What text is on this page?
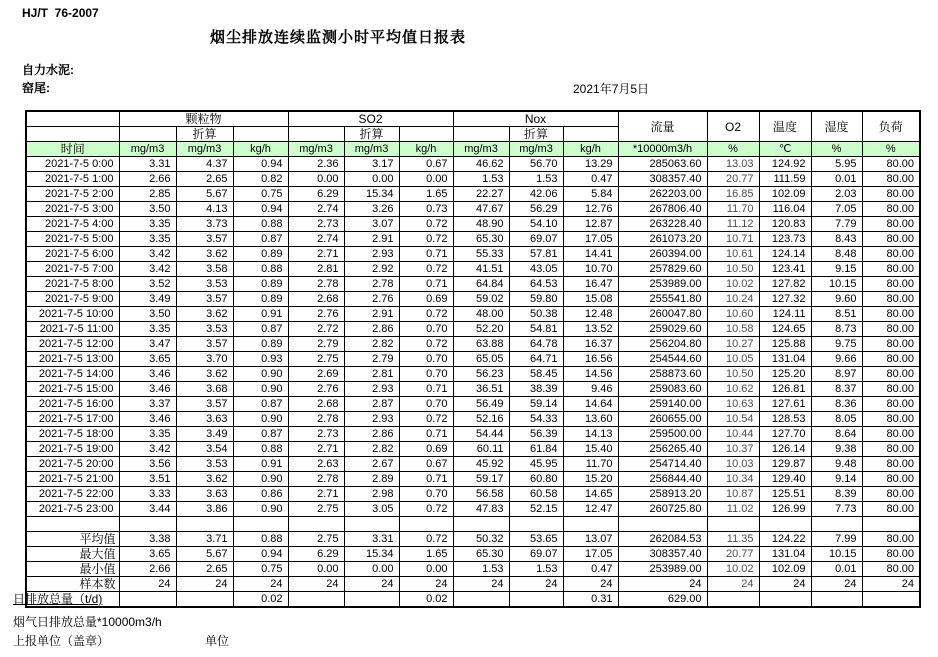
HJ/T  76-2007
烟尘排放连续监测小时平均值日报表
自力水泥:
窑尾:	2021年7月5日
	颗粒物			SO2			Nox			流量	O2	温度	湿度	负荷
		折算			折算			折算						
时间	mg/m3	mg/m3	kg/h	mg/m3	mg/m3	kg/h	mg/m3	mg/m3	kg/h	*10000m3/h	%	℃	%	%
2021-7-5 0:00	3.31	4.37	0.94	2.36	3.17	0.67	46.62	56.70	13.29	285063.60	13.03	124.92	5.95	80.00
2021-7-5 1:00	2.66	2.65	0.82	0.00	0.00	0.00	1.53	1.53	0.47	308357.40	20.77	111.59	0.01	80.00
2021-7-5 2:00	2.85	5.67	0.75	6.29	15.34	1.65	22.27	42.06	5.84	262203.00	16.85	102.09	2.03	80.00
2021-7-5 3:00	3.50	4.13	0.94	2.74	3.26	0.73	47.67	56.29	12.76	267806.40	11.70	116.04	7.05	80.00
2021-7-5 4:00	3.35	3.73	0.88	2.73	3.07	0.72	48.90	54.10	12.87	263228.40	11.12	120.83	7.79	80.00
2021-7-5 5:00	3.35	3.57	0.87	2.74	2.91	0.72	65.30	69.07	17.05	261073.20	10.71	123.73	8.43	80.00
2021-7-5 6:00	3.42	3.62	0.89	2.71	2.93	0.71	55.33	57.81	14.41	260394.00	10.61	124.14	8.48	80.00
2021-7-5 7:00	3.42	3.58	0.88	2.81	2.92	0.72	41.51	43.05	10.70	257829.60	10.50	123.41	9.15	80.00
2021-7-5 8:00	3.52	3.53	0.89	2.78	2.78	0.71	64.84	64.53	16.47	253989.00	10.02	127.82	10.15	80.00
2021-7-5 9:00	3.49	3.57	0.89	2.68	2.76	0.69	59.02	59.80	15.08	255541.80	10.24	127.32	9.60	80.00
2021-7-5 10:00	3.50	3.62	0.91	2.76	2.91	0.72	48.00	50.38	12.48	260047.80	10.60	124.11	8.51	80.00
2021-7-5 11:00	3.35	3.53	0.87	2.72	2.86	0.70	52.20	54.81	13.52	259029.60	10.58	124.65	8.73	80.00
2021-7-5 12:00	3.47	3.57	0.89	2.79	2.82	0.72	63.88	64.78	16.37	256204.80	10.27	125.88	9.75	80.00
2021-7-5 13:00	3.65	3.70	0.93	2.75	2.79	0.70	65.05	64.71	16.56	254544.60	10.05	131.04	9.66	80.00
2021-7-5 14:00	3.46	3.62	0.90	2.69	2.81	0.70	56.23	58.45	14.56	258873.60	10.50	125.20	8.97	80.00
2021-7-5 15:00	3.46	3.68	0.90	2.76	2.93	0.71	36.51	38.39	9.46	259083.60	10.62	126.81	8.37	80.00
2021-7-5 16:00	3.37	3.57	0.87	2.68	2.87	0.70	56.49	59.14	14.64	259140.00	10.63	127.61	8.36	80.00
2021-7-5 17:00	3.46	3.63	0.90	2.78	2.93	0.72	52.16	54.33	13.60	260655.00	10.54	128.53	8.05	80.00
2021-7-5 18:00	3.35	3.49	0.87	2.73	2.86	0.71	54.44	56.39	14.13	259500.00	10.44	127.70	8.64	80.00
2021-7-5 19:00	3.42	3.54	0.88	2.71	2.82	0.69	60.11	61.84	15.40	256265.40	10.37	126.14	9.38	80.00
2021-7-5 20:00	3.56	3.53	0.91	2.63	2.67	0.67	45.92	45.95	11.70	254714.40	10.03	129.87	9.48	80.00
2021-7-5 21:00	3.51	3.62	0.90	2.78	2.89	0.71	59.17	60.80	15.20	256844.40	10.34	129.40	9.14	80.00
2021-7-5 22:00	3.33	3.63	0.86	2.71	2.98	0.70	56.58	60.58	14.65	258913.20	10.87	125.51	8.39	80.00
2021-7-5 23:00	3.44	3.86	0.90	2.75	3.05	0.72	47.83	52.15	12.47	260725.80	11.02	126.99	7.73	80.00

平均值	3.38	3.71	0.88	2.75	3.31	0.72	50.32	53.65	13.07	262084.53	11.35	124.22	7.99	80.00
最大值	3.65	5.67	0.94	6.29	15.34	1.65	65.30	69.07	17.05	308357.40	20.77	131.04	10.15	80.00
最小值	2.66	2.65	0.75	0.00	0.00	0.00	1.53	1.53	0.47	253989.00	10.02	102.09	0.01	80.00
样本数	24	24	24	24	24	24	24	24	24	24	24	24	24	24
日排放总量（t/d)			0.02			0.02			0.31	629.00				
烟气日排放总量*10000m3/h
上报单位（盖章）	单位
